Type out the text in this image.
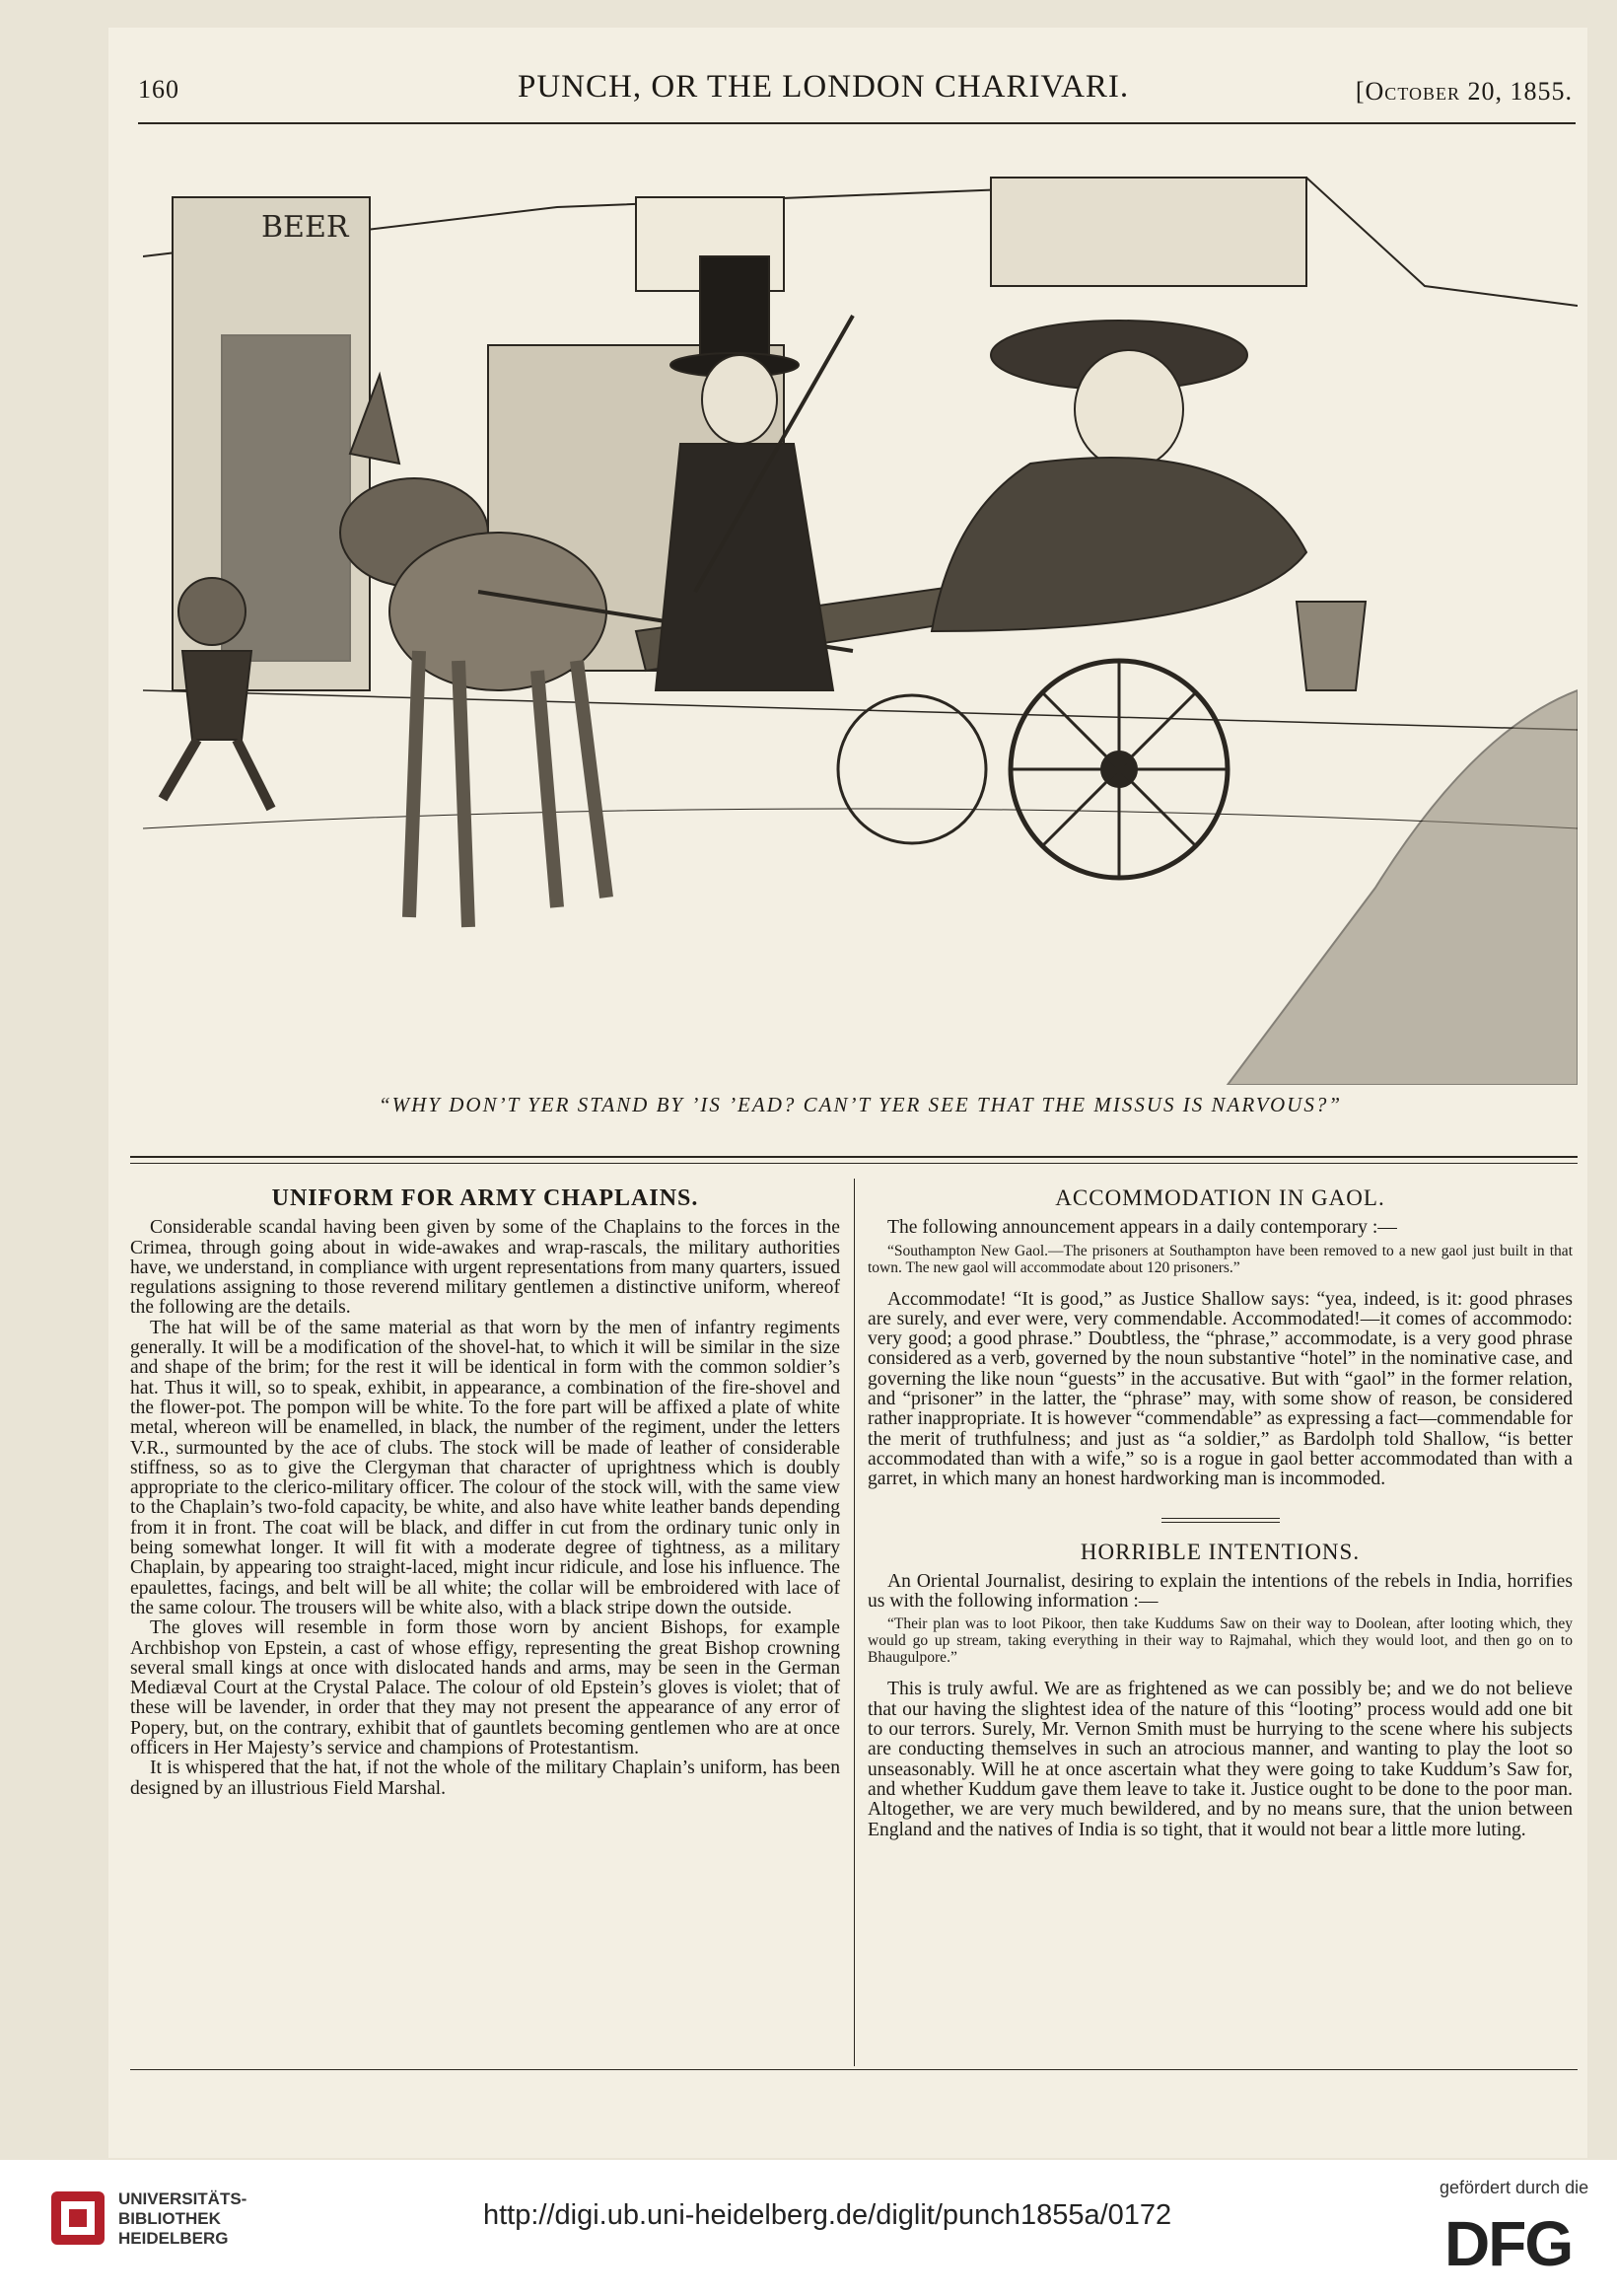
160	PUNCH, OR THE LONDON CHARIVARI.	[October 20, 1855.
BEER
“WHY DON’T YER STAND BY ’IS ’EAD? CAN’T YER SEE THAT THE MISSUS IS NARVOUS?”
UNIFORM FOR ARMY CHAPLAINS.

Considerable scandal having been given by some of the Chaplains to the forces in the Crimea, through going about in wide-awakes and wrap-rascals, the military authorities have, we understand, in compliance with urgent representations from many quarters, issued regulations assigning to those reverend military gentlemen a distinctive uniform, whereof the following are the details.

The hat will be of the same material as that worn by the men of infantry regiments generally. It will be a modification of the shovel-hat, to which it will be similar in the size and shape of the brim; for the rest it will be identical in form with the common soldier’s hat. Thus it will, so to speak, exhibit, in appearance, a combination of the fire-shovel and the flower-pot. The pompon will be white. To the fore part will be affixed a plate of white metal, whereon will be enamelled, in black, the number of the regiment, under the letters V.R., surmounted by the ace of clubs. The stock will be made of leather of considerable stiffness, so as to give the Clergyman that character of uprightness which is doubly appropriate to the clerico-military officer. The colour of the stock will, with the same view to the Chaplain’s two-fold capacity, be white, and also have white leather bands depending from it in front. The coat will be black, and differ in cut from the ordinary tunic only in being somewhat longer. It will fit with a moderate degree of tightness, as a military Chaplain, by appearing too straight-laced, might incur ridicule, and lose his influence. The epaulettes, facings, and belt will be all white; the collar will be embroidered with lace of the same colour. The trousers will be white also, with a black stripe down the outside.

The gloves will resemble in form those worn by ancient Bishops, for example Archbishop von Epstein, a cast of whose effigy, representing the great Bishop crowning several small kings at once with dislocated hands and arms, may be seen in the German Mediæval Court at the Crystal Palace. The colour of old Epstein’s gloves is violet; that of these will be lavender, in order that they may not present the appearance of any error of Popery, but, on the contrary, exhibit that of gauntlets becoming gentlemen who are at once officers in Her Majesty’s service and champions of Protestantism.

It is whispered that the hat, if not the whole of the military Chaplain’s uniform, has been designed by an illustrious Field Marshal.

ACCOMMODATION IN GAOL.

The following announcement appears in a daily contemporary :—

“Southampton New Gaol.—The prisoners at Southampton have been removed to a new gaol just built in that town. The new gaol will accommodate about 120 prisoners.”

Accommodate! “It is good,” as Justice Shallow says: “yea, indeed, is it: good phrases are surely, and ever were, very commendable. Accommodated!—it comes of accommodo: very good; a good phrase.” Doubtless, the “phrase,” accommodate, is a very good phrase considered as a verb, governed by the noun substantive “hotel” in the nominative case, and governing the like noun “guests” in the accusative. But with “gaol” in the former relation, and “prisoner” in the latter, the “phrase” may, with some show of reason, be considered rather inappropriate. It is however “commendable” as expressing a fact—commendable for the merit of truthfulness; and just as “a soldier,” as Bardolph told Shallow, “is better accommodated than with a wife,” so is a rogue in gaol better accommodated than with a garret, in which many an honest hardworking man is incommoded.

HORRIBLE INTENTIONS.

An Oriental Journalist, desiring to explain the intentions of the rebels in India, horrifies us with the following information :—

“Their plan was to loot Pikoor, then take Kuddums Saw on their way to Doolean, after looting which, they would go up stream, taking everything in their way to Rajmahal, which they would loot, and then go on to Bhaugulpore.”

This is truly awful. We are as frightened as we can possibly be; and we do not believe that our having the slightest idea of the nature of this “looting” process would add one bit to our terrors. Surely, Mr. Vernon Smith must be hurrying to the scene where his subjects are conducting themselves in such an atrocious manner, and wanting to play the loot so unseasonably. Will he at once ascertain what they were going to take Kuddum’s Saw for, and whether Kuddum gave them leave to take it. Justice ought to be done to the poor man. Altogether, we are very much bewildered, and by no means sure, that the union between England and the natives of India is so tight, that it would not bear a little more luting.

UNIVERSITÄTS-
BIBLIOTHEK
HEIDELBERG
http://digi.ub.uni-heidelberg.de/diglit/punch1855a/0172
gefördert durch die
DFG
